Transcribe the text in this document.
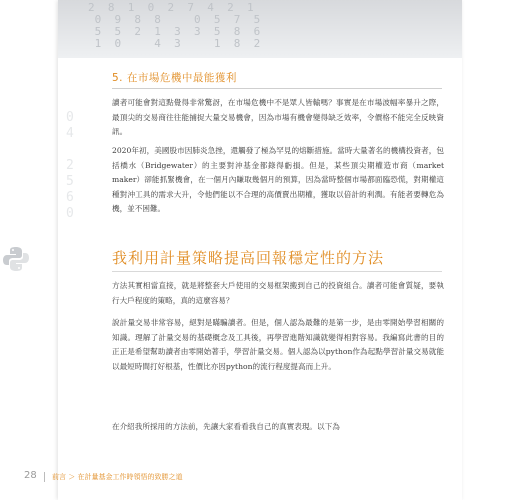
2  8  1  0  2  7  4  2  1
0  9  8  8     0  5  7  5
5  5  2  1  3  3  5  8  6
1  0     4  3     1  8  2
0
4

2
5
6
0
5. 在市場危機中最能獲利

讀者可能會對這點覺得非常驚訝，在市場危機中不是眾人皆輸嗎？事實是在市場波幅率暴升之際，最頂尖的交易商往往能捕捉大量交易機會，因為市場有機會變得缺乏效率，令價格不能完全反映資訊。

2020年初，美國股市因肺炎急挫，還觸發了極為罕見的熔斷措施。當時大量著名的機構投資者，包括橋水（Bridgewater）的主要對沖基金都錄得虧損。但是，某些頂尖期權造市商（market maker）卻能抓緊機會，在一個月內賺取幾個月的預算，因為當時整個市場都面臨恐慌，對期權這種對沖工具的需求大升，令他們能以不合理的高價賣出期權，獲取以倍計的利潤。有能者要轉危為機，並不困難。

我利用計量策略提高回報穩定性的方法

方法其實相當直接，就是將整套大戶使用的交易框架搬到自己的投資組合。讀者可能會質疑，要執行大戶程度的策略，真的這麼容易？

說計量交易非常容易，絕對是瞞騙讀者。但是，個人認為最難的是第一步，是由零開始學習相關的知識。理解了計量交易的基礎概念及工具後，再學習進階知識就變得相對容易。我編寫此書的目的正正是希望幫助讀者由零開始著手，學習計量交易。個人認為以python作為起點學習計量交易就能以最短時間打好根基，性價比亦因python的流行程度提高而上升。

在介紹我所採用的方法前，先讓大家看看我自己的真實表現。以下為

28 前言 ＞ 在計量基金工作時領悟的致勝之道
